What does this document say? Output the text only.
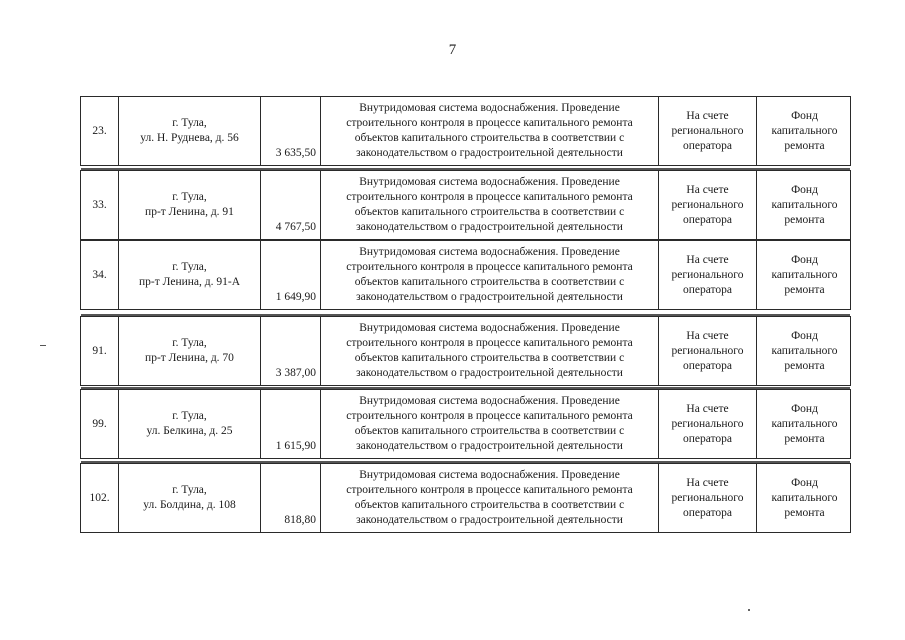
7
23.
г. Тула,
ул. Н. Руднева, д. 56
3 635,50
Внутридомовая система водоснабжения. Проведение строительного контроля в процессе капитального ремонта объектов капитального строительства в соответствии с законодательством о градостроительной деятельности
На счете регионального оператора
Фонд капитального ремонта
33.
г. Тула,
пр-т Ленина, д. 91
4 767,50
Внутридомовая система водоснабжения. Проведение строительного контроля в процессе капитального ремонта объектов капитального строительства в соответствии с законодательством о градостроительной деятельности
На счете регионального оператора
Фонд капитального ремонта
34.
г. Тула,
пр-т Ленина, д. 91-А
1 649,90
Внутридомовая система водоснабжения. Проведение строительного контроля в процессе капитального ремонта объектов капитального строительства в соответствии с законодательством о градостроительной деятельности
На счете регионального оператора
Фонд капитального ремонта
91.
г. Тула,
пр-т Ленина, д. 70
3 387,00
Внутридомовая система водоснабжения. Проведение строительного контроля в процессе капитального ремонта объектов капитального строительства в соответствии с законодательством о градостроительной деятельности
На счете регионального оператора
Фонд капитального ремонта
99.
г. Тула,
ул. Белкина, д. 25
1 615,90
Внутридомовая система водоснабжения. Проведение строительного контроля в процессе капитального ремонта объектов капитального строительства в соответствии с законодательством о градостроительной деятельности
На счете регионального оператора
Фонд капитального ремонта
102.
г. Тула,
ул. Болдина, д. 108
818,80
Внутридомовая система водоснабжения. Проведение строительного контроля в процессе капитального ремонта объектов капитального строительства в соответствии с законодательством о градостроительной деятельности
На счете регионального оператора
Фонд капитального ремонта
